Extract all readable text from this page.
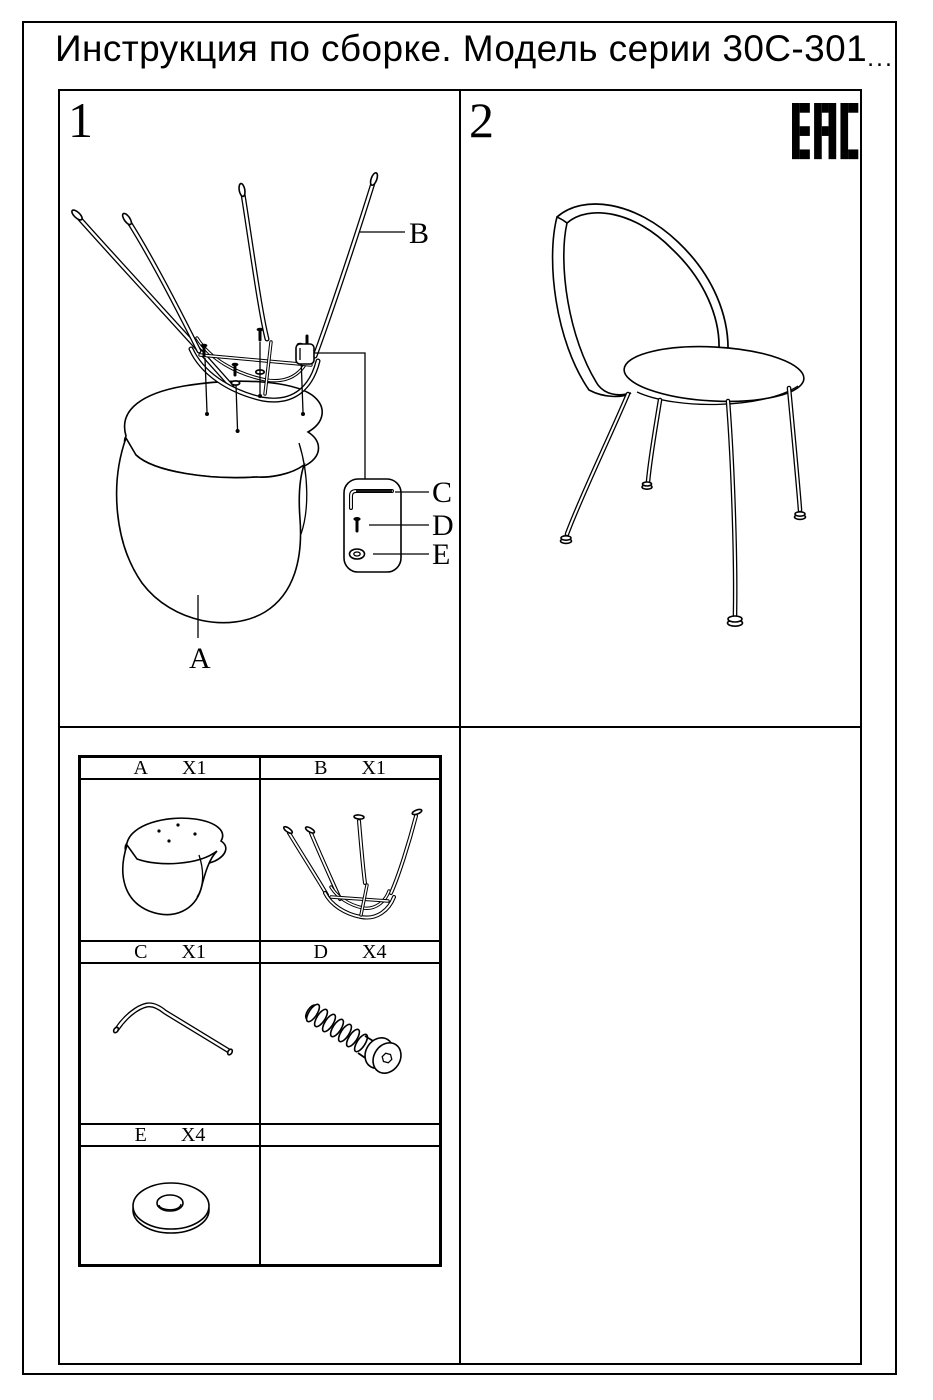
Инструкция по сборке. Модель серии 30С-301...
1
B
C
D
E
A
2
A X1	B X1
C X1	D X4
E X4
